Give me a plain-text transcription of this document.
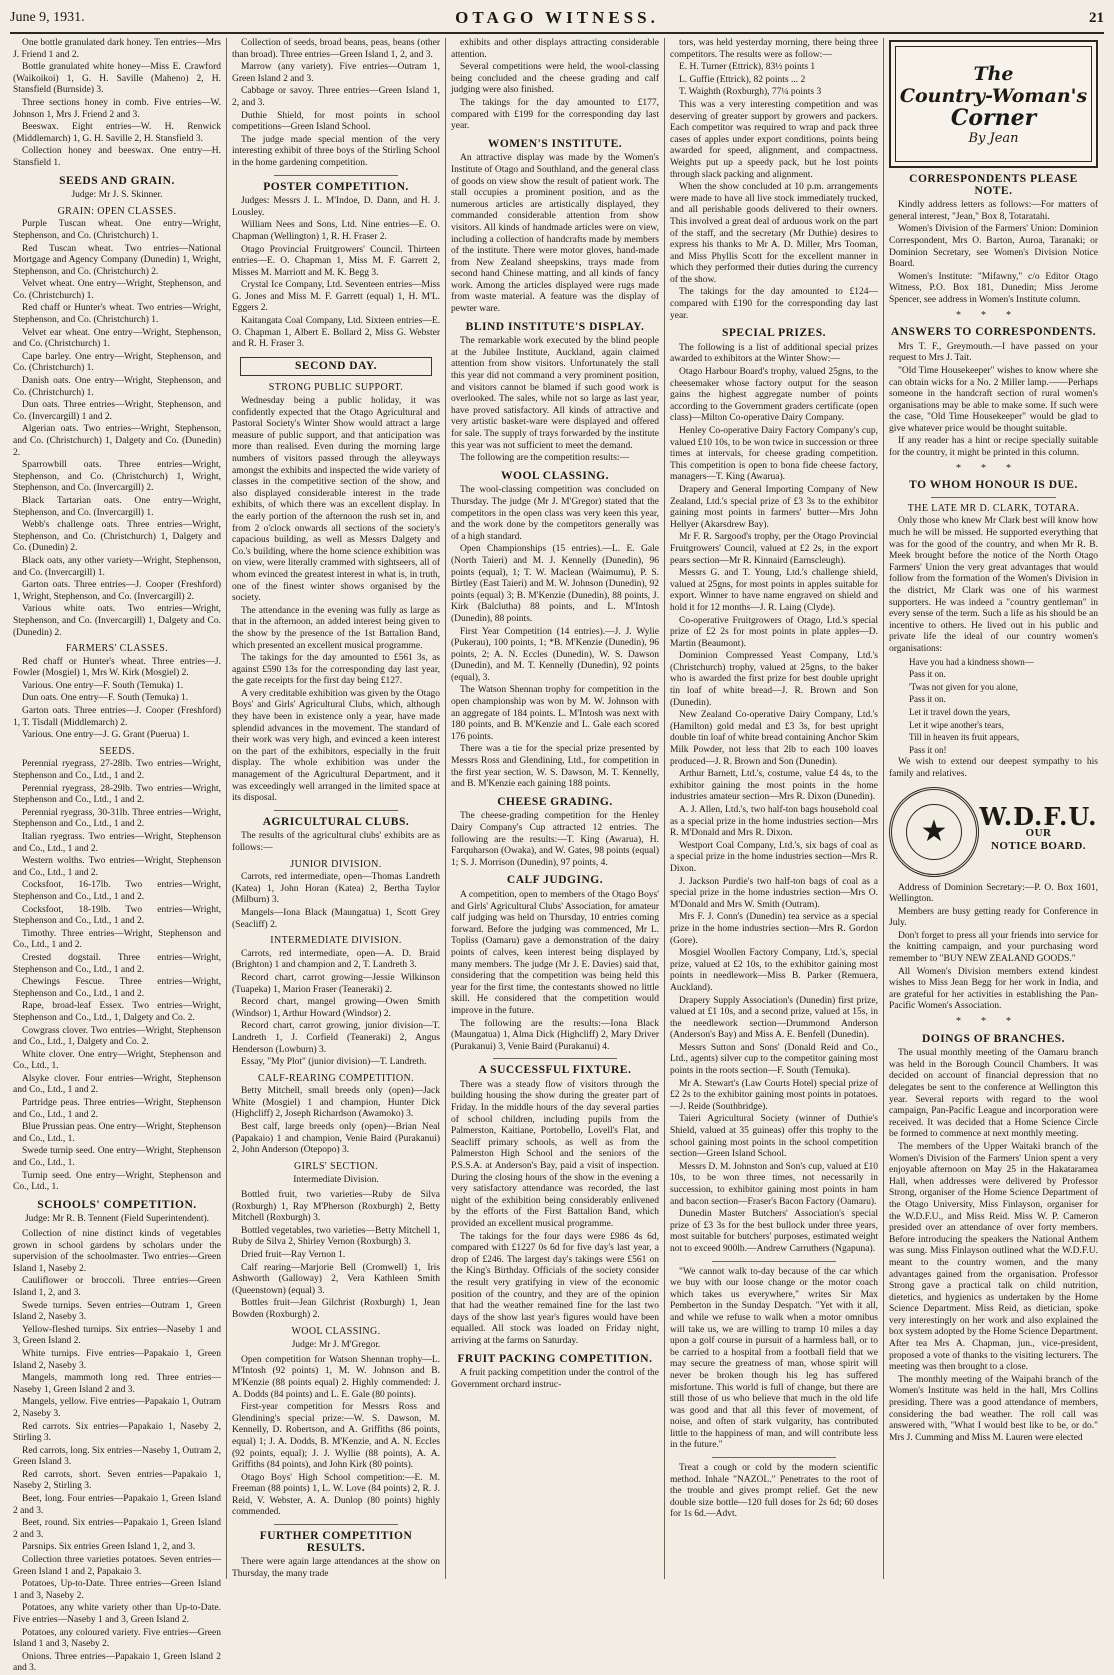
June 9, 1931.	OTAGO WITNESS.	21

One bottle granulated dark honey. Ten entries—Mrs J. Friend 1 and 2.

Bottle granulated white honey—Miss E. Crawford (Waikoikoi) 1, G. H. Saville (Maheno) 2, H. Stansfield (Burnside) 3.

Three sections honey in comb. Five entries—W. Johnson 1, Mrs J. Friend 2 and 3.

Beeswax. Eight entries—W. H. Renwick (Middlemarch) 1, G. H. Saville 2, H. Stansfield 3.

Collection honey and beeswax. One entry—H. Stansfield 1.

SEEDS AND GRAIN.

Judge: Mr J. S. Skinner.

GRAIN: OPEN CLASSES.

Purple Tuscan wheat. One entry—Wright, Stephenson, and Co. (Christchurch) 1.

Red Tuscan wheat. Two entries—National Mortgage and Agency Company (Dunedin) 1, Wright, Stephenson, and Co. (Christchurch) 2.

Velvet wheat. One entry—Wright, Stephenson, and Co. (Christchurch) 1.

Red chaff or Hunter's wheat. Two entries—Wright, Stephenson, and Co. (Christchurch) 1.

Velvet ear wheat. One entry—Wright, Stephenson, and Co. (Christchurch) 1.

Cape barley. One entry—Wright, Stephenson, and Co. (Christchurch) 1.

Danish oats. One entry—Wright, Stephenson, and Co. (Christchurch) 1.

Dun oats. Three entries—Wright, Stephenson, and Co. (Invercargill) 1 and 2.

Algerian oats. Two entries—Wright, Stephenson, and Co. (Christchurch) 1, Dalgety and Co. (Dunedin) 2.

Sparrowbill oats. Three entries—Wright, Stephenson, and Co. (Christchurch) 1, Wright, Stephenson, and Co. (Invercargill) 2.

Black Tartarian oats. One entry—Wright, Stephenson, and Co. (Invercargill) 1.

Webb's challenge oats. Three entries—Wright, Stephenson, and Co. (Christchurch) 1, Dalgety and Co. (Dunedin) 2.

Black oats, any other variety—Wright, Stephenson, and Co. (Invercargill) 1.

Garton oats. Three entries—J. Cooper (Freshford) 1, Wright, Stephenson, and Co. (Invercargill) 2.

Various white oats. Two entries—Wright, Stephenson, and Co. (Invercargill) 1, Dalgety and Co. (Dunedin) 2.

FARMERS' CLASSES.

Red chaff or Hunter's wheat. Three entries—J. Fowler (Mosgiel) 1, Mrs W. Kirk (Mosgiel) 2.

Various. One entry—F. South (Temuka) 1.

Dun oats. One entry—F. South (Temuka) 1.

Garton oats. Three entries—J. Cooper (Freshford) 1, T. Tisdall (Middlemarch) 2.

Various. One entry—J. G. Grant (Puerua) 1.

SEEDS.

Perennial ryegrass, 27-28lb. Two entries—Wright, Stephenson and Co., Ltd., 1 and 2.

Perennial ryegrass, 28-29lb. Two entries—Wright, Stephenson and Co., Ltd., 1 and 2.

Perennial ryegrass, 30-31lb. Three entries—Wright, Stephenson and Co., Ltd., 1 and 2.

Italian ryegrass. Two entries—Wright, Stephenson and Co., Ltd., 1 and 2.

Western wolths. Two entries—Wright, Stephenson and Co., Ltd., 1 and 2.

Cocksfoot, 16-17lb. Two entries—Wright, Stephenson and Co., Ltd., 1 and 2.

Cocksfoot, 18-19lb. Two entries—Wright, Stephenson and Co., Ltd., 1 and 2.

Timothy. Three entries—Wright, Stephenson and Co., Ltd., 1 and 2.

Crested dogstail. Three entries—Wright, Stephenson and Co., Ltd., 1 and 2.

Chewings Fescue. Three entries—Wright, Stephenson and Co., Ltd., 1 and 2.

Rape, broad-leaf Essex. Two entries—Wright, Stephenson and Co., Ltd., 1, Dalgety and Co. 2.

Cowgrass clover. Two entries—Wright, Stephenson and Co., Ltd., 1, Dalgety and Co. 2.

White clover. One entry—Wright, Stephenson and Co., Ltd., 1.

Alsyke clover. Four entries—Wright, Stephenson and Co., Ltd., 1 and 2.

Partridge peas. Three entries—Wright, Stephenson and Co., Ltd., 1 and 2.

Blue Prussian peas. One entry—Wright, Stephenson and Co., Ltd., 1.

Swede turnip seed. One entry—Wright, Stephenson and Co., Ltd., 1.

Turnip seed. One entry—Wright, Stephenson and Co., Ltd., 1.

SCHOOLS' COMPETITION.

Judge: Mr R. B. Tennent (Field Superintendent).

Collection of nine distinct kinds of vegetables grown in school gardens by scholars under the supervision of the schoolmaster. Two entries—Green Island 1, Naseby 2.

Cauliflower or broccoli. Three entries—Green Island 1, 2, and 3.

Swede turnips. Seven entries—Outram 1, Green Island 2, Naseby 3.

Yellow-fleshed turnips. Six entries—Naseby 1 and 3, Green Island 2.

White turnips. Five entries—Papakaio 1, Green Island 2, Naseby 3.

Mangels, mammoth long red. Three entries—Naseby 1, Green Island 2 and 3.

Mangels, yellow. Five entries—Papakaio 1, Outram 2, Naseby 3.

Red carrots. Six entries—Papakaio 1, Naseby 2, Stirling 3.

Red carrots, long. Six entries—Naseby 1, Outram 2, Green Island 3.

Red carrots, short. Seven entries—Papakaio 1, Naseby 2, Stirling 3.

Beet, long. Four entries—Papakaio 1, Green Island 2 and 3.

Beet, round. Six entries—Papakaio 1, Green Island 2 and 3.

Parsnips. Six entries Green Island 1, 2, and 3.

Collection three varieties potatoes. Seven entries—Green Island 1 and 2, Papakaio 3.

Potatoes, Up-to-Date. Three entries—Green Island 1 and 3, Naseby 2.

Potatoes, any white variety other than Up-to-Date. Five entries—Naseby 1 and 3, Green Island 2.

Potatoes, any coloured variety. Five entries—Green Island 1 and 3, Naseby 2.

Onions. Three entries—Papakaio 1, Green Island 2 and 3.

Collection of seeds, broad beans, peas, beans (other than broad). Three entries—Green Island 1, 2, and 3.

Marrow (any variety). Five entries—Outram 1, Green Island 2 and 3.

Cabbage or savoy. Three entries—Green Island 1, 2, and 3.

Duthie Shield, for most points in school competitions—Green Island School.

The judge made special mention of the very interesting exhibit of three boys of the Stirling School in the home gardening competition.

POSTER COMPETITION.

Judges: Messrs J. L. M'Indoe, D. Dann, and H. J. Lousley.

William Nees and Sons, Ltd. Nine entries—E. O. Chapman (Wellington) 1, R. H. Fraser 2.

Otago Provincial Fruitgrowers' Council. Thirteen entries—E. O. Chapman 1, Miss M. F. Garrett 2, Misses M. Marriott and M. K. Begg 3.

Crystal Ice Company, Ltd. Seventeen entries—Miss G. Jones and Miss M. F. Garrett (equal) 1, H. M'L. Eggers 2.

Kaitangata Coal Company, Ltd. Sixteen entries—E. O. Chapman 1, Albert E. Bollard 2, Miss G. Webster and R. H. Fraser 3.

SECOND DAY.
STRONG PUBLIC SUPPORT.

Wednesday being a public holiday, it was confidently expected that the Otago Agricultural and Pastoral Society's Winter Show would attract a large measure of public support, and that anticipation was more than realised. Even during the morning large numbers of visitors passed through the alleyways amongst the exhibits and inspected the wide variety of classes in the competitive section of the show, and also displayed considerable interest in the trade exhibits, of which there was an excellent display. In the early portion of the afternoon the rush set in, and from 2 o'clock onwards all sections of the society's capacious building, as well as Messrs Dalgety and Co.'s building, where the home science exhibition was on view, were literally crammed with sightseers, all of whom evinced the greatest interest in what is, in truth, one of the finest winter shows organised by the society.

The attendance in the evening was fully as large as that in the afternoon, an added interest being given to the show by the presence of the 1st Battalion Band, which presented an excellent musical programme.

The takings for the day amounted to £561 3s, as against £590 13s for the corresponding day last year, the gate receipts for the first day being £127.

A very creditable exhibition was given by the Otago Boys' and Girls' Agricultural Clubs, which, although they have been in existence only a year, have made splendid advances in the movement. The standard of their work was very high, and evinced a keen interest on the part of the exhibitors, especially in the fruit display. The whole exhibition was under the management of the Agricultural Department, and it was exceedingly well arranged in the limited space at its disposal.

AGRICULTURAL CLUBS.

The results of the agricultural clubs' exhibits are as follows:—

JUNIOR DIVISION.

Carrots, red intermediate, open—Thomas Landreth (Katea) 1, John Horan (Katea) 2, Bertha Taylor (Milburn) 3.

Mangels—Iona Black (Maungatua) 1, Scott Grey (Seacliff) 2.

INTERMEDIATE DIVISION.

Carrots, red intermediate, open—A. D. Braid (Brighton) 1 and champion and 2, T. Landreth 3.

Record chart, carrot growing—Jessie Wilkinson (Tuapeka) 1, Marion Fraser (Teaneraki) 2.

Record chart, mangel growing—Owen Smith (Windsor) 1, Arthur Howard (Windsor) 2.

Record chart, carrot growing, junior division—T. Landreth 1, J. Corfield (Teaneraki) 2, Angus Henderson (Lowburn) 3.

Essay, "My Plot" (junior division)—T. Landreth.

CALF-REARING COMPETITION.

Betty Mitchell, small breeds only (open)—Jack White (Mosgiel) 1 and champion, Hunter Dick (Highcliff) 2, Joseph Richardson (Awamoko) 3.

Best calf, large breeds only (open)—Brian Neal (Papakaio) 1 and champion, Venie Baird (Purakanui) 2, John Anderson (Otepopo) 3.

GIRLS' SECTION.

Intermediate Division.

Bottled fruit, two varieties—Ruby de Silva (Roxburgh) 1, Ray M'Pherson (Roxburgh) 2, Betty Mitchell (Roxburgh) 3.

Bottled vegetables, two varieties—Betty Mitchell 1, Ruby de Silva 2, Shirley Vernon (Roxburgh) 3.

Dried fruit—Ray Vernon 1.

Calf rearing—Marjorie Bell (Cromwell) 1, Iris Ashworth (Galloway) 2, Vera Kathleen Smith (Queenstown) (equal) 3.

Bottles fruit—Jean Gilchrist (Roxburgh) 1, Jean Bowden (Roxburgh) 2.

WOOL CLASSING.

Judge: Mr J. M'Gregor.

Open competition for Watson Shennan trophy—L. M'Intosh (92 points) 1, M. W. Johnson and B. M'Kenzie (88 points equal) 2. Highly commended: J. A. Dodds (84 points) and L. E. Gale (80 points).

First-year competition for Messrs Ross and Glendining's special prize:—W. S. Dawson, M. Kennelly, D. Robertson, and A. Griffiths (86 points, equal) 1; J. A. Dodds, B. M'Kenzie, and A. N. Eccles (92 points, equal); J. J. Wyllie (88 points), A. A. Griffiths (84 points), and John Kirk (80 points).

Otago Boys' High School competition:—E. M. Freeman (88 points) 1, L. W. Love (84 points) 2, R. J. Reid, V. Webster, A. A. Dunlop (80 points) highly commended.

FURTHER COMPETITION RESULTS.

There were again large attendances at the show on Thursday, the many trade

exhibits and other displays attracting considerable attention.

Several competitions were held, the wool-classing being concluded and the cheese grading and calf judging were also finished.

The takings for the day amounted to £177, compared with £199 for the corresponding day last year.

WOMEN'S INSTITUTE.

An attractive display was made by the Women's Institute of Otago and Southland, and the general class of goods on view show the result of patient work. The stall occupies a prominent position, and as the numerous articles are artistically displayed, they commanded considerable attention from show visitors. All kinds of handmade articles were on view, including a collection of handcrafts made by members of the institute. There were motor gloves, hand-made from New Zealand sheepskins, trays made from second hand Chinese matting, and all kinds of fancy work. Among the articles displayed were rugs made from waste material. A feature was the display of pewter ware.

BLIND INSTITUTE'S DISPLAY.

The remarkable work executed by the blind people at the Jubilee Institute, Auckland, again claimed attention from show visitors. Unfortunately the stall this year did not command a very prominent position, and visitors cannot be blamed if such good work is overlooked. The sales, while not so large as last year, have proved satisfactory. All kinds of attractive and very artistic basket-ware were displayed and offered for sale. The supply of trays forwarded by the institute this year was not sufficient to meet the demand.

The following are the competition results:—

WOOL CLASSING.

The wool-classing competition was concluded on Thursday. The judge (Mr J. M'Gregor) stated that the competitors in the open class was very keen this year, and the work done by the competitors generally was of a high standard.

Open Championships (15 entries).—L. E. Gale (North Taieri) and M. J. Kennelly (Dunedin), 96 points (equal), 1; T. W. Maclean (Waimumu), P. S. Birtley (East Taieri) and M. W. Johnson (Dunedin), 92 points (equal) 3; B. M'Kenzie (Dunedin), 88 points, J. Kirk (Balclutha) 88 points, and L. M'Intosh (Dunedin), 88 points.

First Year Competition (14 entries).—J. J. Wylie (Pukerau), 100 points, 1; *B. M'Kenzie (Dunedin), 96 points, 2; A. N. Eccles (Dunedin), W. S. Dawson (Dunedin), and M. T. Kennelly (Dunedin), 92 points (equal), 3.

The Watson Shennan trophy for competition in the open championship was won by M. W. Johnson with an aggregate of 184 points. L. M'Intosh was next with 180 points, and B. M'Kenzie and L. Gale each scored 176 points.

There was a tie for the special prize presented by Messrs Ross and Glendining, Ltd., for competition in the first year section, W. S. Dawson, M. T. Kennelly, and B. M'Kenzie each gaining 188 points.

CHEESE GRADING.

The cheese-grading competition for the Henley Dairy Company's Cup attracted 12 entries. The following are the results:—T. King (Awarua), H. Farquharson (Owaka), and W. Gates, 98 points (equal) 1; S. J. Morrison (Dunedin), 97 points, 4.

CALF JUDGING.

A competition, open to members of the Otago Boys' and Girls' Agricultural Clubs' Association, for amateur calf judging was held on Thursday, 10 entries coming forward. Before the judging was commenced, Mr L. Topliss (Oamaru) gave a demonstration of the dairy points of calves, keen interest being displayed by many members. The judge (Mr J. E. Davies) said that, considering that the competition was being held this year for the first time, the contestants showed no little skill. He considered that the competition would improve in the future.

The following are the results:—Iona Black (Maungatua) 1, Alma Dick (Highcliff) 2, Mary Driver (Purakanui) 3, Venie Baird (Purakanui) 4.

A SUCCESSFUL FIXTURE.

There was a steady flow of visitors through the building housing the show during the greater part of Friday. In the middle hours of the day several parties of school children, including pupils from the Palmerston, Kaitiane, Portobello, Lovell's Flat, and Seacliff primary schools, as well as from the Palmerston High School and the seniors of the P.S.S.A. at Anderson's Bay, paid a visit of inspection. During the closing hours of the show in the evening a very satisfactory attendance was recorded, the last night of the exhibition being considerably enlivened by the efforts of the First Battalion Band, which provided an excellent musical programme.

The takings for the four days were £986 4s 6d, compared with £1227 0s 6d for five day's last year, a drop of £246. The largest day's takings were £561 on the King's Birthday. Officials of the society consider the result very gratifying in view of the economic position of the country, and they are of the opinion that had the weather remained fine for the last two days of the show last year's figures would have been equalled. All stock was loaded on Friday night, arriving at the farms on Saturday.

FRUIT PACKING COMPETITION.

A fruit packing competition under the control of the Government orchard instruc-

tors, was held yesterday morning, there being three competitors. The results were as follow:—

E. H. Turner (Ettrick), 83½ points 1

L. Guffie (Ettrick), 82 points ... 2

T. Waighth (Roxburgh), 77¼ points 3

This was a very interesting competition and was deserving of greater support by growers and packers. Each competitor was required to wrap and pack three cases of apples under export conditions, points being awarded for speed, alignment, and compactness. Weights put up a speedy pack, but he lost points through slack packing and alignment.

When the show concluded at 10 p.m. arrangements were made to have all live stock immediately trucked, and all perishable goods delivered to their owners. This involved a great deal of arduous work on the part of the staff, and the secretary (Mr Duthie) desires to express his thanks to Mr A. D. Miller, Mrs Tooman, and Miss Phyllis Scott for the excellent manner in which they performed their duties during the currency of the show.

The takings for the day amounted to £124—compared with £190 for the corresponding day last year.

SPECIAL PRIZES.

The following is a list of additional special prizes awarded to exhibitors at the Winter Show:—

Otago Harbour Board's trophy, valued 25gns, to the cheesemaker whose factory output for the season gains the highest aggregate number of points according to the Government graders certificate (open class)—Milton Co-operative Dairy Company.

Henley Co-operative Dairy Factory Company's cup, valued £10 10s, to be won twice in succession or three times at intervals, for cheese grading competition. This competition is open to bona fide cheese factory, managers—T. King (Awarua).

Drapery and General Importing Company of New Zealand, Ltd.'s special prize of £3 3s to the exhibitor gaining most points in farmers' butter—Mrs John Hellyer (Akarsdrew Bay).

Mr F. R. Sargood's trophy, per the Otago Provincial Fruitgrowers' Council, valued at £2 2s, in the export pears section—Mr R. Kinnaird (Earnscleugh).

Messrs G. and T. Young, Ltd.'s challenge shield, valued at 25gns, for most points in apples suitable for export. Winner to have name engraved on shield and hold it for 12 months—J. R. Laing (Clyde).

Co-operative Fruitgrowers of Otago, Ltd.'s special prize of £2 2s for most points in plate apples—D. Martin (Beaumont).

Dominion Compressed Yeast Company, Ltd.'s (Christchurch) trophy, valued at 25gns, to the baker who is awarded the first prize for best double upright tin loaf of white bread—J. R. Brown and Son (Dunedin).

New Zealand Co-operative Dairy Company, Ltd.'s (Hamilton) gold medal and £3 3s, for best upright double tin loaf of white bread containing Anchor Skim Milk Powder, not less that 2lb to each 100 loaves produced—J. R. Brown and Son (Dunedin).

Arthur Barnett, Ltd.'s, costume, value £4 4s, to the exhibitor gaining the most points in the home industries amateur section—Mrs R. Dixon (Dunedin).

A. J. Allen, Ltd.'s, two half-ton bags household coal as a special prize in the home industries section—Mrs R. M'Donald and Mrs R. Dixon.

Westport Coal Company, Ltd.'s, six bags of coal as a special prize in the home industries section—Mrs R. Dixon.

J. Jackson Purdie's two half-ton bags of coal as a special prize in the home industries section—Mrs O. M'Donald and Mrs W. Smith (Outram).

Mrs F. J. Conn's (Dunedin) tea service as a special prize in the home industries section—Mrs R. Gordon (Gore).

Mosgiel Woollen Factory Company, Ltd.'s, special prize, valued at £2 10s, to the exhibitor gaining most points in needlework—Miss B. Parker (Remuera, Auckland).

Drapery Supply Association's (Dunedin) first prize, valued at £1 10s, and a second prize, valued at 15s, in the needlework section—Drummond Anderson (Anderson's Bay) and Miss A. E. Benfell (Dunedin).

Messrs Sutton and Sons' (Donald Reid and Co., Ltd., agents) silver cup to the competitor gaining most points in the roots section—F. South (Temuka).

Mr A. Stewart's (Law Courts Hotel) special prize of £2 2s to the exhibitor gaining most points in potatoes.—J. Reide (Southbridge).

Taieri Agricultural Society (winner of Duthie's Shield, valued at 35 guineas) offer this trophy to the school gaining most points in the school competition section—Green Island School.

Messrs D. M. Johnston and Son's cup, valued at £10 10s, to be won three times, not necessarily in succession, to exhibitor gaining most points in ham and bacon section—Fraser's Bacon Factory (Oamaru).

Dunedin Master Butchers' Association's special prize of £3 3s for the best bullock under three years, most suitable for butchers' purposes, estimated weight not to exceed 900lb.—Andrew Carruthers (Ngapuna).

"We cannot walk to-day because of the car which we buy with our loose change or the motor coach which takes us everywhere," writes Sir Max Pemberton in the Sunday Despatch. "Yet with it all, and while we refuse to walk when a motor omnibus will take us, we are willing to tramp 10 miles a day upon a golf course in pursuit of a harmless ball, or to be carried to a hospital from a football field that we may secure the greatness of man, whose spirit will never be broken though his leg has suffered misfortune. This world is full of change, but there are still those of us who believe that much in the old life was good and that all this fever of movement, of noise, and often of stark vulgarity, has contributed little to the happiness of man, and will contribute less in the future."

Treat a cough or cold by the modern scientific method. Inhale "NAZOL." Penetrates to the root of the trouble and gives prompt relief. Get the new double size bottle—120 full doses for 2s 6d; 60 doses for 1s 6d.—Advt.

The
Country-Woman's
Corner
By Jean
CORRESPONDENTS PLEASE NOTE.

Kindly address letters as follows:—For matters of general interest, "Jean," Box 8, Totaratahi.

Women's Division of the Farmers' Union: Dominion Correspondent, Mrs O. Barton, Auroa, Taranaki; or Dominion Secretary, see Women's Division Notice Board.

Women's Institute: "Mifawny," c/o Editor Otago Witness, P.O. Box 181, Dunedin; Miss Jerome Spencer, see address in Women's Institute column.

***
ANSWERS TO CORRESPONDENTS.

Mrs T. F., Greymouth.—I have passed on your request to Mrs J. Tait.

"Old Time Housekeeper" wishes to know where she can obtain wicks for a No. 2 Miller lamp.——Perhaps someone in the handcraft section of rural women's organisations may be able to make some. If such were the case, "Old Time Housekeeper" would be glad to give whatever price would be thought suitable.

If any reader has a hint or recipe specially suitable for the country, it might be printed in this column.

***
TO WHOM HONOUR IS DUE.
THE LATE MR D. CLARK, TOTARA.

Only those who knew Mr Clark best will know how much he will be missed. He supported everything that was for the good of the country, and when Mr R. B. Meek brought before the notice of the North Otago Farmers' Union the very great advantages that would follow from the formation of the Women's Division in the district, Mr Clark was one of his warmest supporters. He was indeed a "country gentleman" in every sense of the term. Such a life as his should be an incentive to others. He lived out in his public and private life the ideal of our country women's organisations:

Have you had a kindness shown—

Pass it on.

'Twas not given for you alone,

Pass it on.

Let it travel down the years,

Let it wipe another's tears,

Till in heaven its fruit appears,

Pass it on!

We wish to extend our deepest sympathy to his family and relatives.

★	W.D.F.U.
OUR
NOTICE BOARD.

Address of Dominion Secretary:—P. O. Box 1601, Wellington.

Members are busy getting ready for Conference in July.

Don't forget to press all your friends into service for the knitting campaign, and your purchasing word remember to "BUY NEW ZEALAND GOODS."

All Women's Division members extend kindest wishes to Miss Jean Begg for her work in India, and are grateful for her activities in establishing the Pan-Pacific Women's Association.

***
DOINGS OF BRANCHES.

The usual monthly meeting of the Oamaru branch was held in the Borough Council Chambers. It was decided on account of financial depression that no delegates be sent to the conference at Wellington this year. Several reports with regard to the wool campaign, Pan-Pacific League and incorporation were received. It was decided that a Home Science Circle be formed to commence at next monthly meeting.

The members of the Upper Waitaki branch of the Women's Division of the Farmers' Union spent a very enjoyable afternoon on May 25 in the Hakataramea Hall, when addresses were delivered by Professor Strong, organiser of the Home Science Department of the Otago University, Miss Finlayson, organiser for the W.D.F.U., and Miss Reid. Miss W. P. Cameron presided over an attendance of over forty members. Before introducing the speakers the National Anthem was sung. Miss Finlayson outlined what the W.D.F.U. meant to the country women, and the many advantages gained from the organisation. Professor Strong gave a practical talk on child nutrition, dietetics, and hygienics as undertaken by the Home Science Department. Miss Reid, as dietician, spoke very interestingly on her work and also explained the box system adopted by the Home Science Department. After tea Mrs A. Chapman, jun., vice-president, proposed a vote of thanks to the visiting lecturers. The meeting was then brought to a close.

The monthly meeting of the Waipahi branch of the Women's Institute was held in the hall, Mrs Collins presiding. There was a good attendance of members, considering the bad weather. The roll call was answered with, "What I would best like to be, or do." Mrs J. Cumming and Miss M. Lauren were elected
